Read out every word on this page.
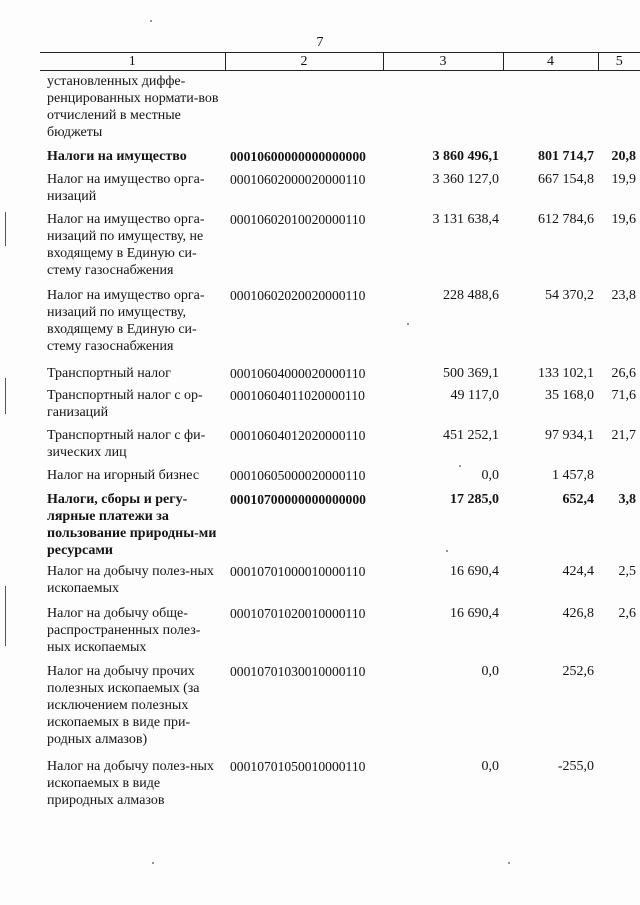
7
1	2	3	4	5
установленных диффе-ренцированных нормати-вов отчислений в местные бюджеты				
Налоги на имущество	00010600000000000000	3 860 496,1	801 714,7	20,8
Налог на имущество орга-низаций	00010602000020000110	3 360 127,0	667 154,8	19,9
Налог на имущество орга-низаций по имуществу, не входящему в Единую си-стему газоснабжения	00010602010020000110	3 131 638,4	612 784,6	19,6
Налог на имущество орга-низаций по имуществу, входящему в Единую си-стему газоснабжения	00010602020020000110	228 488,6	54 370,2	23,8
Транспортный налог	00010604000020000110	500 369,1	133 102,1	26,6
Транспортный налог с ор-ганизаций	00010604011020000110	49 117,0	35 168,0	71,6
Транспортный налог с фи-зических лиц	00010604012020000110	451 252,1	97 934,1	21,7
Налог на игорный бизнес	00010605000020000110	0,0	1 457,8	
Налоги, сборы и регу-лярные платежи за пользование природны-ми ресурсами	00010700000000000000	17 285,0	652,4	3,8
Налог на добычу полез-ных ископаемых	00010701000010000110	16 690,4	424,4	2,5
Налог на добычу обще-распространенных полез-ных ископаемых	00010701020010000110	16 690,4	426,8	2,6
Налог на добычу прочих полезных ископаемых (за исключением полезных ископаемых в виде при-родных алмазов)	00010701030010000110	0,0	252,6	
Налог на добычу полез-ных ископаемых в виде природных алмазов	00010701050010000110	0,0	-255,0	
